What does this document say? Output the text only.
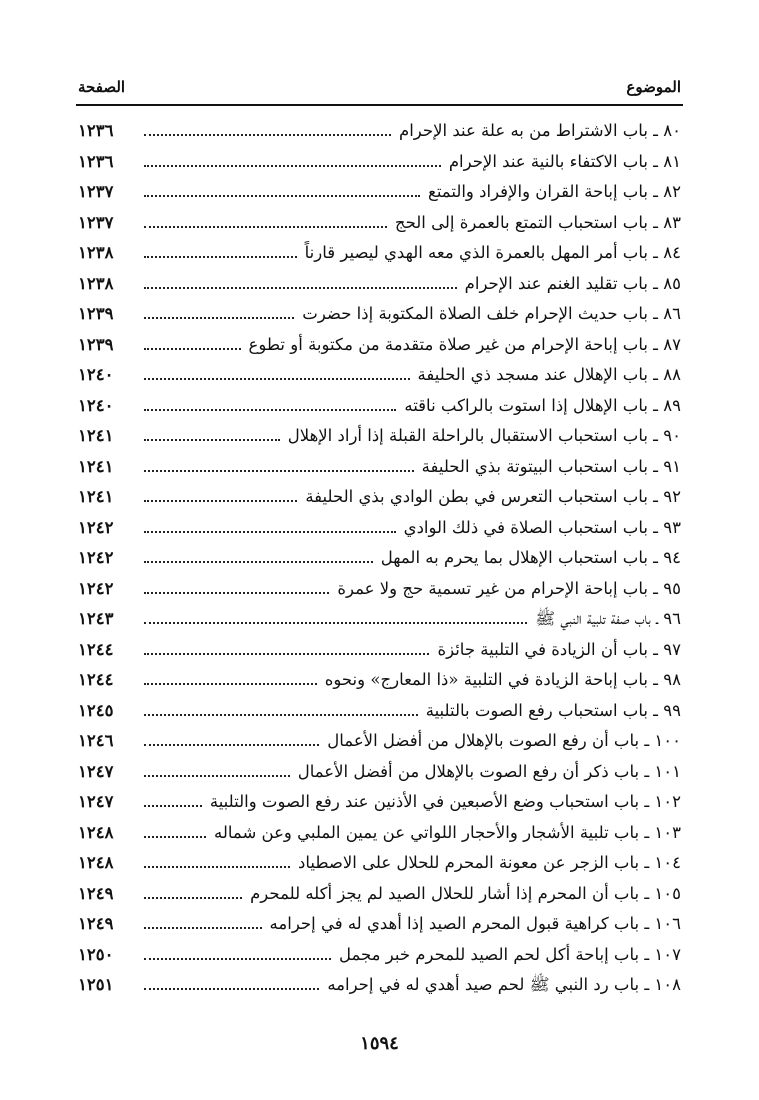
الموضوع
الصفحة
٨٠ ـ باب الاشتراط من به علة عند الإحرام
١٢٣٦
٨١ ـ باب الاكتفاء بالنية عند الإحرام
١٢٣٦
٨٢ ـ باب إباحة القران والإفراد والتمتع
١٢٣٧
٨٣ ـ باب استحباب التمتع بالعمرة إلى الحج
١٢٣٧
٨٤ ـ باب أمر المهل بالعمرة الذي معه الهدي ليصير قارناً
١٢٣٨
٨٥ ـ باب تقليد الغنم عند الإحرام
١٢٣٨
٨٦ ـ باب حديث الإحرام خلف الصلاة المكتوبة إذا حضرت
١٢٣٩
٨٧ ـ باب إباحة الإحرام من غير صلاة متقدمة من مكتوبة أو تطوع
١٢٣٩
٨٨ ـ باب الإهلال عند مسجد ذي الحليفة
١٢٤٠
٨٩ ـ باب الإهلال إذا استوت بالراكب ناقته
١٢٤٠
٩٠ ـ باب استحباب الاستقبال بالراحلة القبلة إذا أراد الإهلال
١٢٤١
٩١ ـ باب استحباب البيتوتة بذي الحليفة
١٢٤١
٩٢ ـ باب استحباب التعرس في بطن الوادي بذي الحليفة
١٢٤١
٩٣ ـ باب استحباب الصلاة في ذلك الوادي
١٢٤٢
٩٤ ـ باب استحباب الإهلال بما يحرم به المهل
١٢٤٢
٩٥ ـ باب إباحة الإحرام من غير تسمية حج ولا عمرة
١٢٤٢
٩٦ ـ باب صفة تلبية النبي ﷺ
١٢٤٣
٩٧ ـ باب أن الزيادة في التلبية جائزة
١٢٤٤
٩٨ ـ باب إباحة الزيادة في التلبية «ذا المعارج» ونحوه
١٢٤٤
٩٩ ـ باب استحباب رفع الصوت بالتلبية
١٢٤٥
١٠٠ ـ باب أن رفع الصوت بالإهلال من أفضل الأعمال
١٢٤٦
١٠١ ـ باب ذكر أن رفع الصوت بالإهلال من أفضل الأعمال
١٢٤٧
١٠٢ ـ باب استحباب وضع الأصبعين في الأذنين عند رفع الصوت والتلبية
١٢٤٧
١٠٣ ـ باب تلبية الأشجار والأحجار اللواتي عن يمين الملبي وعن شماله
١٢٤٨
١٠٤ ـ باب الزجر عن معونة المحرم للحلال على الاصطياد
١٢٤٨
١٠٥ ـ باب أن المحرم إذا أشار للحلال الصيد لم يجز أكله للمحرم
١٢٤٩
١٠٦ ـ باب كراهية قبول المحرم الصيد إذا أهدي له في إحرامه
١٢٤٩
١٠٧ ـ باب إباحة أكل لحم الصيد للمحرم خبر مجمل
١٢٥٠
١٠٨ ـ باب رد النبي ﷺ لحم صيد أهدي له في إحرامه
١٢٥١
١٥٩٤
